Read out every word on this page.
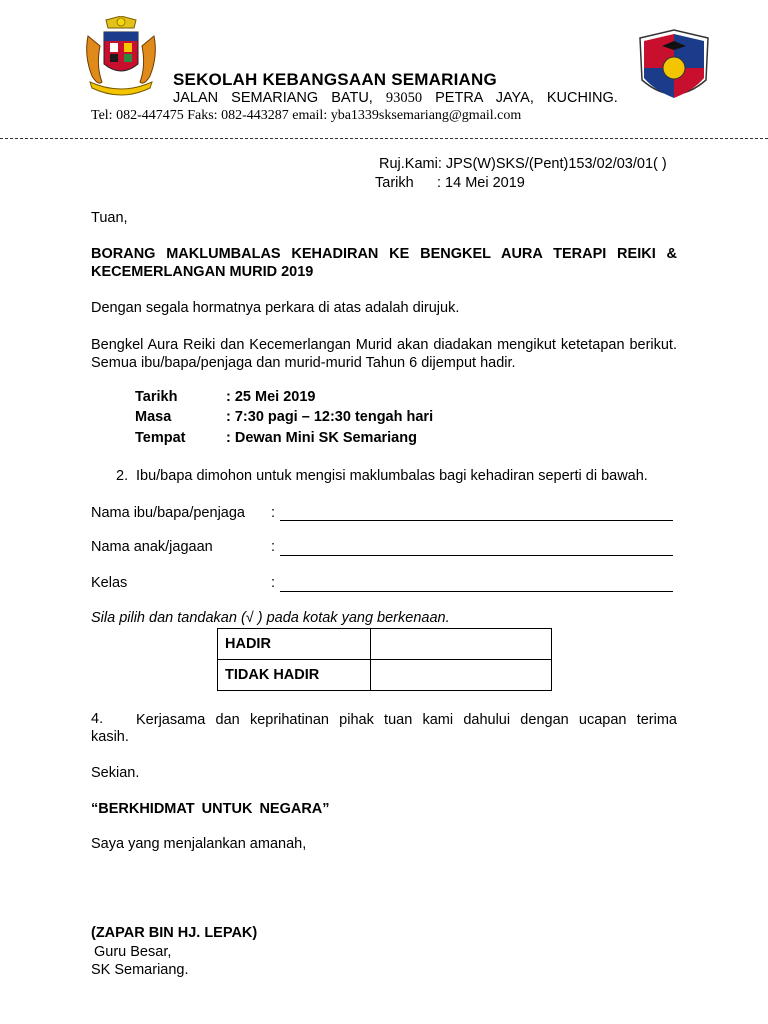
SEKOLAH KEBANGSAAN SEMARIANG
JALAN SEMARIANG BATU, 93050 PETRA JAYA, KUCHING.
Tel: 082-447475 Faks: 082-443287 email: yba1339sksemariang@gmail.com
Ruj.Kami: JPS(W)SKS/(Pent)153/02/03/01( )
Tarikh : 14 Mei 2019
Tuan,
BORANG MAKLUMBALAS KEHADIRAN KE BENGKEL AURA TERAPI REIKI &
KECEMERLANGAN MURID 2019
Dengan segala hormatnya perkara di atas adalah dirujuk.
Bengkel Aura Reiki dan Kecemerlangan Murid akan diadakan mengikut ketetapan berikut. Semua ibu/bapa/penjaga dan murid-murid Tahun 6 dijemput hadir.
Tarikh	: 25 Mei 2019
Masa	: 7:30 pagi – 12:30 tengah hari
Tempat	: Dewan Mini SK Semariang
2. Ibu/bapa dimohon untuk mengisi maklumbalas bagi kehadiran seperti di bawah.
Nama ibu/bapa/penjaga :
Nama anak/jagaan	:
Kelas	:
Sila pilih dan tandakan (√ ) pada kotak yang berkenaan.
HADIR	
TIDAK HADIR	
4. Kerjasama dan keprihatinan pihak tuan kami dahului dengan ucapan terima
kasih.
Sekian.
“BERKHIDMAT UNTUK NEGARA”
Saya yang menjalankan amanah,
(ZAPAR BIN HJ. LEPAK)
Guru Besar,
SK Semariang.
